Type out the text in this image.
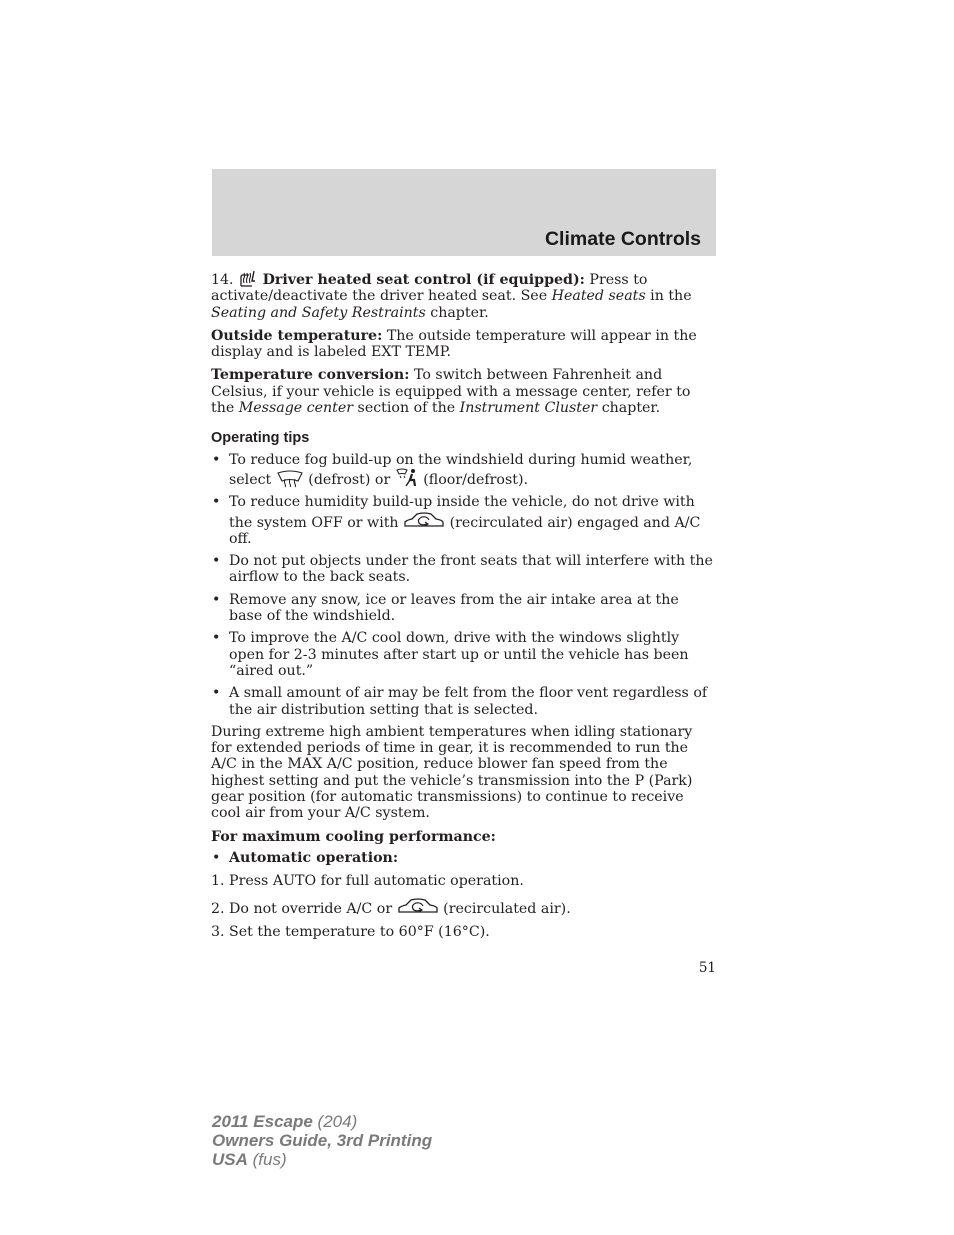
Climate Controls

14. Driver heated seat control (if equipped): Press to activate/deactivate the driver heated seat. See Heated seats in the Seating and Safety Restraints chapter.

Outside temperature: The outside temperature will appear in the display and is labeled EXT TEMP.

Temperature conversion: To switch between Fahrenheit and Celsius, if your vehicle is equipped with a message center, refer to the Message center section of the Instrument Cluster chapter.

Operating tips
• To reduce fog build-up on the windshield during humid weather, select
(defrost) or
(floor/defrost).
• To reduce humidity build-up inside the vehicle, do not drive with the system OFF or with	(recirculated air) engaged and A/C off.
• Do not put objects under the front seats that will interfere with the airflow to the back seats.
• Remove any snow, ice or leaves from the air intake area at the base of the windshield.
• To improve the A/C cool down, drive with the windows slightly open for 2-3 minutes after start up or until the vehicle has been “aired out.”
• A small amount of air may be felt from the floor vent regardless of the air distribution setting that is selected.

During extreme high ambient temperatures when idling stationary for extended periods of time in gear, it is recommended to run the A/C in the MAX A/C position, reduce blower fan speed from the highest setting and put the vehicle’s transmission into the P (Park) gear position (for automatic transmissions) to continue to receive cool air from your A/C system.

For maximum cooling performance:

• Automatic operation:
1. Press AUTO for full automatic operation.
2. Do not override A/C or	(recirculated air).
3. Set the temperature to 60°F (16°C).
51
2011 Escape (204)
Owners Guide, 3rd Printing
USA (fus)
